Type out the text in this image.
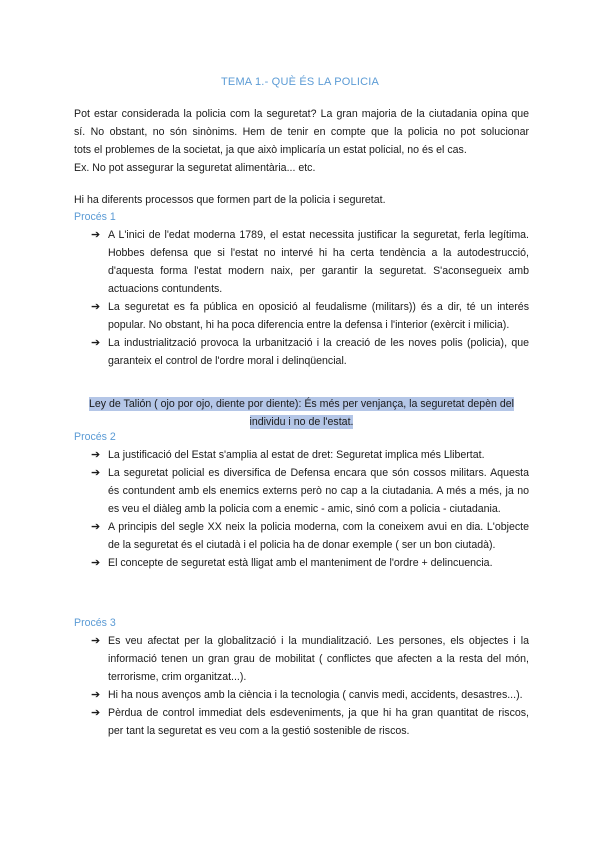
TEMA 1.- QUÈ ÉS LA POLICIA
Pot estar considerada la policia com la seguretat? La gran majoria de la ciutadania opina que
sí. No obstant, no són sinònims. Hem de tenir en compte que la policia no pot solucionar
tots el problemes de la societat, ja que això implicaría un estat policial, no és el cas.
Ex. No pot assegurar la seguretat alimentària... etc.
Hi ha diferents processos que formen part de la policia i seguretat.
Procés 1
➔ A L'inici de l'edat moderna 1789, el estat necessita justificar la seguretat, ferla legítima. Hobbes defensa que si l'estat no intervé hi ha certa tendència a la autodestrucció, d'aquesta forma l'estat modern naix, per garantir la seguretat. S'aconsegueix amb actuacions contundents.
➔ La seguretat es fa pública en oposició al feudalisme (militars)) és a dir, té un interés popular. No obstant, hi ha poca diferencia entre la defensa i l'interior (exèrcit i milicia).
➔ La industrialització provoca la urbanització i la creació de les noves polis (policia), que garanteix el control de l'ordre moral i delinqüencial.
Ley de Talión ( ojo por ojo, diente por diente): És més per venjança, la seguretat depèn del
individu i no de l'estat.
Procés 2
➔ La justificació del Estat s'amplia al estat de dret: Seguretat implica més Llibertat.
➔ La seguretat policial es diversifica de Defensa encara que són cossos militars. Aquesta és contundent amb els enemics externs però no cap a la ciutadania. A més a més, ja no es veu el diàleg amb la policia com a enemic - amic, sinó com a policia - ciutadania.
➔ A principis del segle XX neix la policia moderna, com la coneixem avui en dia. L'objecte de la seguretat és el ciutadà i el policia ha de donar exemple ( ser un bon ciutadà).
➔ El concepte de seguretat està lligat amb el manteniment de l'ordre + delincuencia.
Procés 3
➔ Es veu afectat per la globalització i la mundialització. Les persones, els objectes i la informació tenen un gran grau de mobilitat ( conflictes que afecten a la resta del món, terrorisme, crim organitzat...).
➔ Hi ha nous avenços amb la ciència i la tecnologia ( canvis medi, accidents, desastres...).
➔ Pèrdua de control immediat dels esdeveniments, ja que hi ha gran quantitat de riscos, per tant la seguretat es veu com a la gestió sostenible de riscos.
